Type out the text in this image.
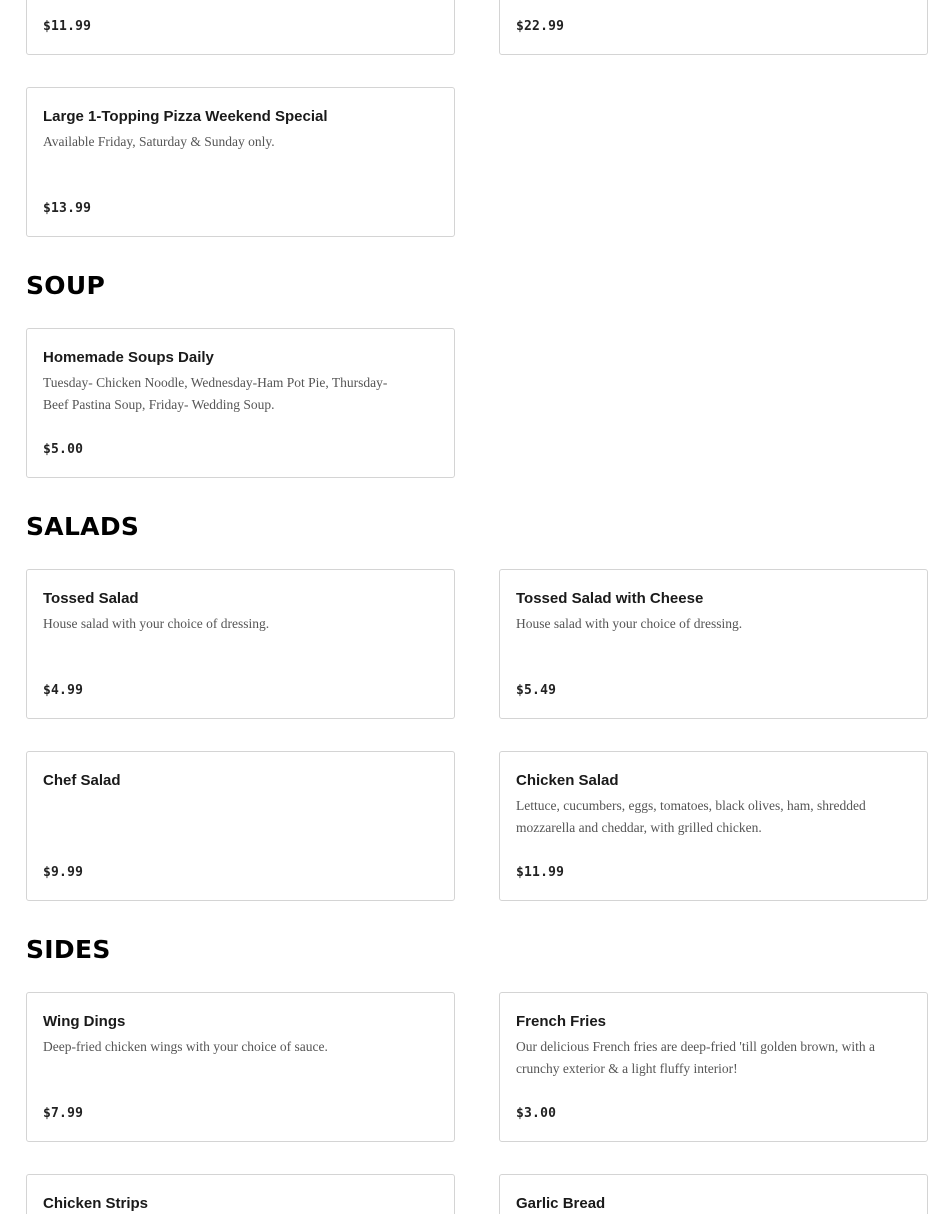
$11.99	$22.99
Large 1-Topping Pizza Weekend Special
Available Friday, Saturday & Sunday only.
$13.99
SOUP
Homemade Soups Daily
Tuesday- Chicken Noodle, Wednesday-Ham Pot Pie, Thursday- Beef Pastina Soup, Friday- Wedding Soup.
$5.00
SALADS
Tossed Salad
House salad with your choice of dressing.
$4.99
Tossed Salad with Cheese
House salad with your choice of dressing.
$5.49
Chef Salad
$9.99
Chicken Salad
Lettuce, cucumbers, eggs, tomatoes, black olives, ham, shredded mozzarella and cheddar, with grilled chicken.
$11.99
SIDES
Wing Dings
Deep-fried chicken wings with your choice of sauce.
$7.99
French Fries
Our delicious French fries are deep-fried 'till golden brown, with a crunchy exterior & a light fluffy interior!
$3.00
Chicken Strips	Garlic Bread
